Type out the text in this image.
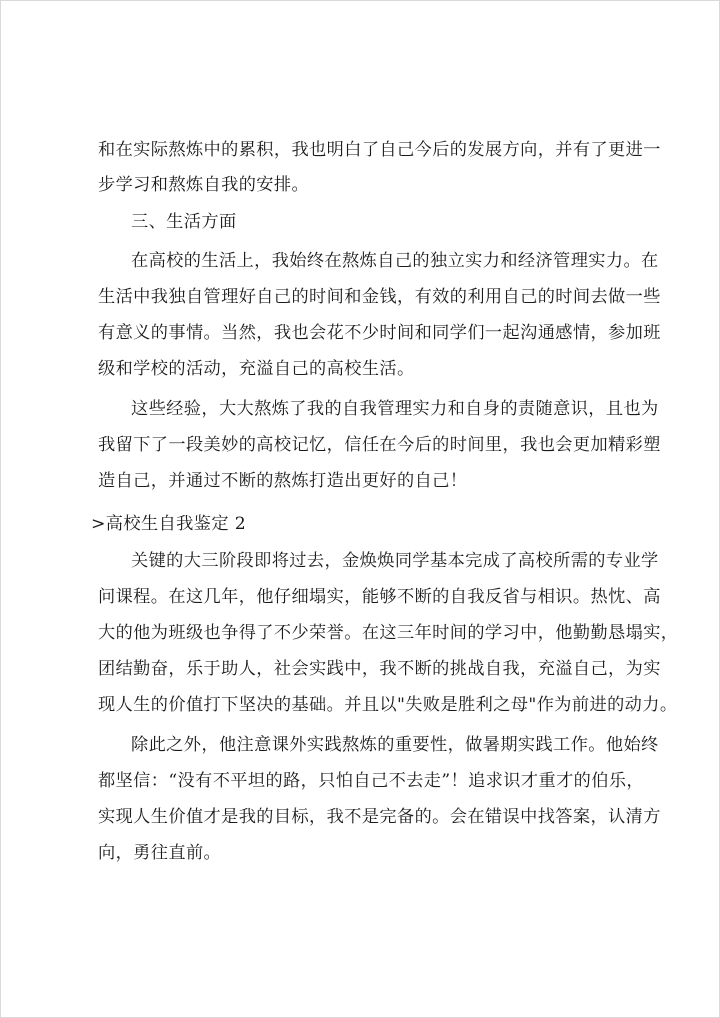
和在实际熬炼中的累积，我也明白了自己今后的发展方向，并有了更进一
步学习和熬炼自我的安排。
三、生活方面
在高校的生活上，我始终在熬炼自己的独立实力和经济管理实力。在
生活中我独自管理好自己的时间和金钱，有效的利用自己的时间去做一些
有意义的事情。当然，我也会花不少时间和同学们一起沟通感情，参加班
级和学校的活动，充溢自己的高校生活。
这些经验，大大熬炼了我的自我管理实力和自身的责随意识，且也为
我留下了一段美妙的高校记忆，信任在今后的时间里，我也会更加精彩塑
造自己，并通过不断的熬炼打造出更好的自己！
>高校生自我鉴定 2
关键的大三阶段即将过去，金焕焕同学基本完成了高校所需的专业学
问课程。在这几年，他仔细塌实，能够不断的自我反省与相识。热忱、高
大的他为班级也争得了不少荣誉。在这三年时间的学习中，他勤勤恳塌实，
团结勤奋，乐于助人，社会实践中，我不断的挑战自我，充溢自己，为实
现人生的价值打下坚决的基础。并且以"失败是胜利之母"作为前进的动力。
除此之外，他注意课外实践熬炼的重要性，做暑期实践工作。他始终
都坚信：“没有不平坦的路，只怕自己不去走”！追求识才重才的伯乐，
实现人生价值才是我的目标，我不是完备的。会在错误中找答案，认清方
向，勇往直前。
